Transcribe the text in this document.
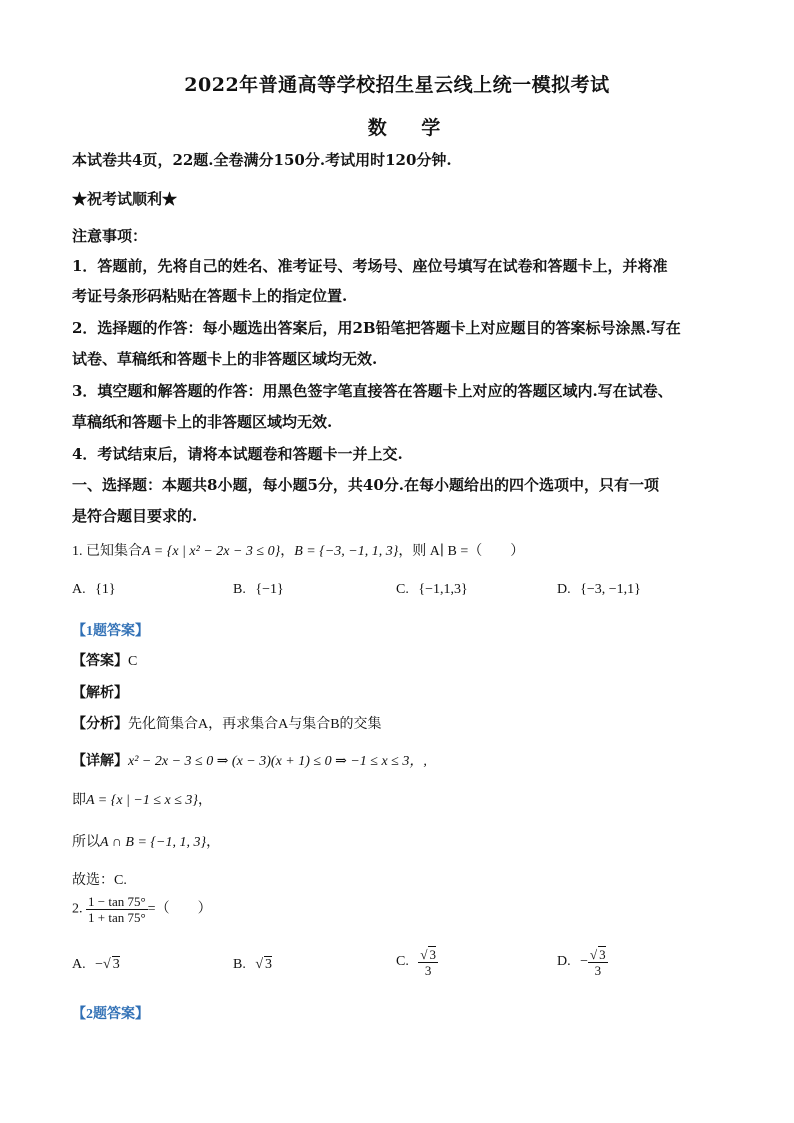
2022年普通高等学校招生星云线上统一模拟考试
数 学
本试卷共4页，22题.全卷满分150分.考试用时120分钟.
★祝考试顺利★
注意事项：
1．答题前，先将自己的姓名、准考证号、考场号、座位号填写在试卷和答题卡上，并将准
考证号条形码粘贴在答题卡上的指定位置.
2．选择题的作答：每小题选出答案后，用2B铅笔把答题卡上对应题目的答案标号涂黑.写在
试卷、草稿纸和答题卡上的非答题区域均无效.
3．填空题和解答题的作答：用黑色签字笔直接答在答题卡上对应的答题区域内.写在试卷、
草稿纸和答题卡上的非答题区域均无效.
4．考试结束后，请将本试题卷和答题卡一并上交.
一、选择题：本题共8小题，每小题5分，共40分.在每小题给出的四个选项中，只有一项
是符合题目要求的.
1. 已知集合A = {x | x² − 2x − 3 ≤ 0}，B = {−3, −1, 1, 3}，则 A∣ B =（　　）
A. {1}	B. {−1}	C. {−1,1,3}	D. {−3, −1,1}
【1题答案】
【答案】C
【解析】
【分析】先化简集合A，再求集合A与集合B的交集
【详解】x² − 2x − 3 ≤ 0 ⇒ (x − 3)(x + 1) ≤ 0 ⇒ −1 ≤ x ≤ 3，,
即A = {x | −1 ≤ x ≤ 3}，
所以A ∩ B = {−1, 1, 3}，
故选：C.
2. $\frac{1 - \tan 75^\circ}{1 + \tan 75^\circ}$ =（　　）
A. −√ 3	B. √ 3	C. $\frac{√ 3}{3}$	D. − $\frac{√ 3}{3}$
【2题答案】
